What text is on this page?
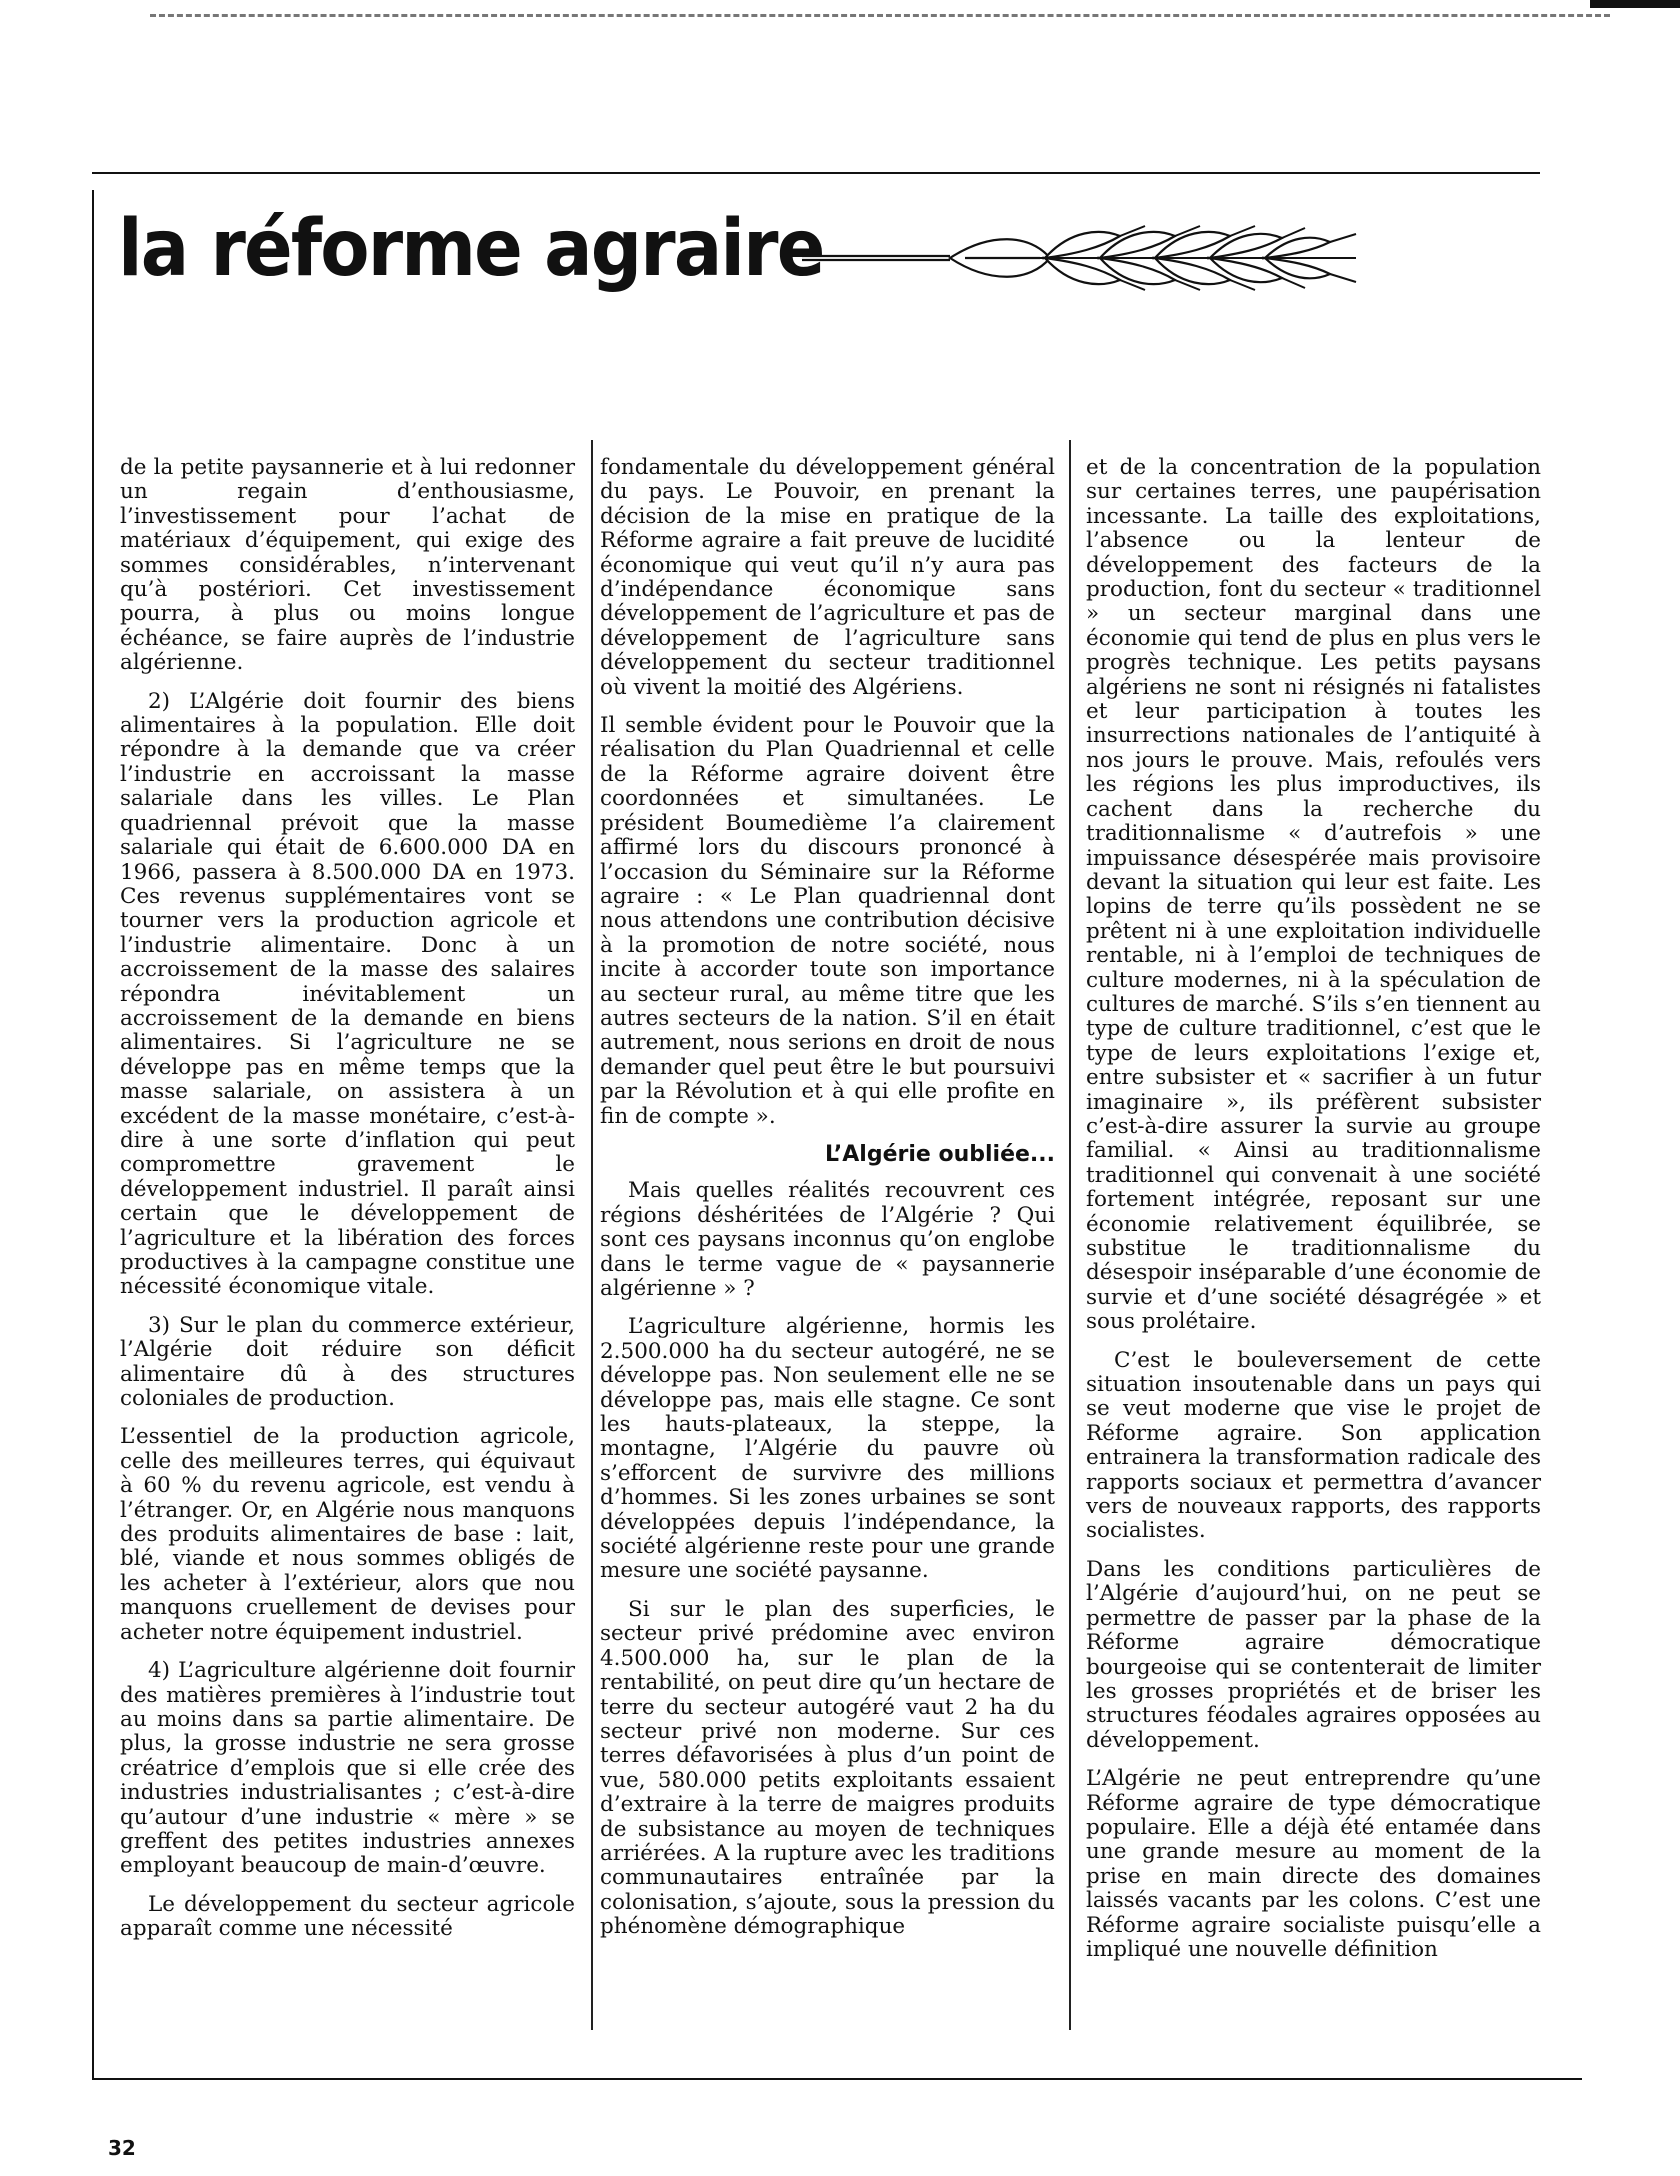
la réforme agraire

de la petite paysannerie et à lui redonner un regain d’enthousiasme, l’investissement pour l’achat de matériaux d’équipement, qui exige des sommes considérables, n’intervenant qu’à postériori. Cet investissement pourra, à plus ou moins longue échéance, se faire auprès de l’industrie algérienne.

2) L’Algérie doit fournir des biens alimentaires à la population. Elle doit répondre à la demande que va créer l’industrie en accroissant la masse salariale dans les villes. Le Plan quadriennal prévoit que la masse salariale qui était de 6.600.000 DA en 1966, passera à 8.500.000 DA en 1973. Ces revenus supplémentaires vont se tourner vers la production agricole et l’industrie alimentaire. Donc à un accroissement de la masse des salaires répondra inévitablement un accroissement de la demande en biens alimentaires. Si l’agriculture ne se développe pas en même temps que la masse salariale, on assistera à un excédent de la masse monétaire, c’est-à-dire à une sorte d’inflation qui peut compromettre gravement le développement industriel. Il paraît ainsi certain que le développement de l’agriculture et la libération des forces productives à la campagne constitue une nécessité économique vitale.

3) Sur le plan du commerce extérieur, l’Algérie doit réduire son déficit alimentaire dû à des structures coloniales de production.

L’essentiel de la production agricole, celle des meilleures terres, qui équivaut à 60 % du revenu agricole, est vendu à l’étranger. Or, en Algérie nous manquons des produits alimentaires de base : lait, blé, viande et nous sommes obligés de les acheter à l’extérieur, alors que nou manquons cruellement de devises pour acheter notre équipement industriel.

4) L’agriculture algérienne doit fournir des matières premières à l’industrie tout au moins dans sa partie alimentaire. De plus, la grosse industrie ne sera grosse créatrice d’emplois que si elle crée des industries industrialisantes ; c’est-à-dire qu’autour d’une industrie « mère » se greffent des petites industries annexes employant beaucoup de main-d’œuvre.

Le développement du secteur agricole apparaît comme une nécessité

fondamentale du développement général du pays. Le Pouvoir, en prenant la décision de la mise en pratique de la Réforme agraire a fait preuve de lucidité économique qui veut qu’il n’y aura pas d’indépendance économique sans développement de l’agriculture et pas de développement de l’agriculture sans développement du secteur traditionnel où vivent la moitié des Algériens.

Il semble évident pour le Pouvoir que la réalisation du Plan Quadriennal et celle de la Réforme agraire doivent être coordonnées et simultanées. Le président Boumedième l’a clairement affirmé lors du discours prononcé à l’occasion du Séminaire sur la Réforme agraire : « Le Plan quadriennal dont nous attendons une contribution décisive à la promotion de notre société, nous incite à accorder toute son importance au secteur rural, au même titre que les autres secteurs de la nation. S’il en était autrement, nous serions en droit de nous demander quel peut être le but poursuivi par la Révolution et à qui elle profite en fin de compte ».

L’Algérie oubliée...

Mais quelles réalités recouvrent ces régions déshéritées de l’Algérie ? Qui sont ces paysans inconnus qu’on englobe dans le terme vague de « paysannerie algérienne » ?

L’agriculture algérienne, hormis les 2.500.000 ha du secteur autogéré, ne se développe pas. Non seulement elle ne se développe pas, mais elle stagne. Ce sont les hauts-plateaux, la steppe, la montagne, l’Algérie du pauvre où s’efforcent de survivre des millions d’hommes. Si les zones urbaines se sont développées depuis l’indépendance, la société algérienne reste pour une grande mesure une société paysanne.

Si sur le plan des superficies, le secteur privé prédomine avec environ 4.500.000 ha, sur le plan de la rentabilité, on peut dire qu’un hectare de terre du secteur autogéré vaut 2 ha du secteur privé non moderne. Sur ces terres défavorisées à plus d’un point de vue, 580.000 petits exploitants essaient d’extraire à la terre de maigres produits de subsistance au moyen de techniques arriérées. A la rupture avec les traditions communautaires entraînée par la colonisation, s’ajoute, sous la pression du phénomène démographique

et de la concentration de la population sur certaines terres, une paupérisation incessante. La taille des exploitations, l’absence ou la lenteur de développement des facteurs de la production, font du secteur « traditionnel » un secteur marginal dans une économie qui tend de plus en plus vers le progrès technique. Les petits paysans algériens ne sont ni résignés ni fatalistes et leur participation à toutes les insurrections nationales de l’antiquité à nos jours le prouve. Mais, refoulés vers les régions les plus improductives, ils cachent dans la recherche du traditionnalisme « d’autrefois » une impuissance désespérée mais provisoire devant la situation qui leur est faite. Les lopins de terre qu’ils possèdent ne se prêtent ni à une exploitation individuelle rentable, ni à l’emploi de techniques de culture modernes, ni à la spéculation de cultures de marché. S’ils s’en tiennent au type de culture traditionnel, c’est que le type de leurs exploitations l’exige et, entre subsister et « sacrifier à un futur imaginaire », ils préfèrent subsister c’est-à-dire assurer la survie au groupe familial. « Ainsi au traditionnalisme traditionnel qui convenait à une société fortement intégrée, reposant sur une économie relativement équilibrée, se substitue le traditionnalisme du désespoir inséparable d’une économie de survie et d’une société désagrégée » et sous prolétaire.

C’est le bouleversement de cette situation insoutenable dans un pays qui se veut moderne que vise le projet de Réforme agraire. Son application entrainera la transformation radicale des rapports sociaux et permettra d’avancer vers de nouveaux rapports, des rapports socialistes.

Dans les conditions particulières de l’Algérie d’aujourd’hui, on ne peut se permettre de passer par la phase de la Réforme agraire démocratique bourgeoise qui se contenterait de limiter les grosses propriétés et de briser les structures féodales agraires opposées au développement.

L’Algérie ne peut entreprendre qu’une Réforme agraire de type démocratique populaire. Elle a déjà été entamée dans une grande mesure au moment de la prise en main directe des domaines laissés vacants par les colons. C’est une Réforme agraire socialiste puisqu’elle a impliqué une nouvelle définition

32
